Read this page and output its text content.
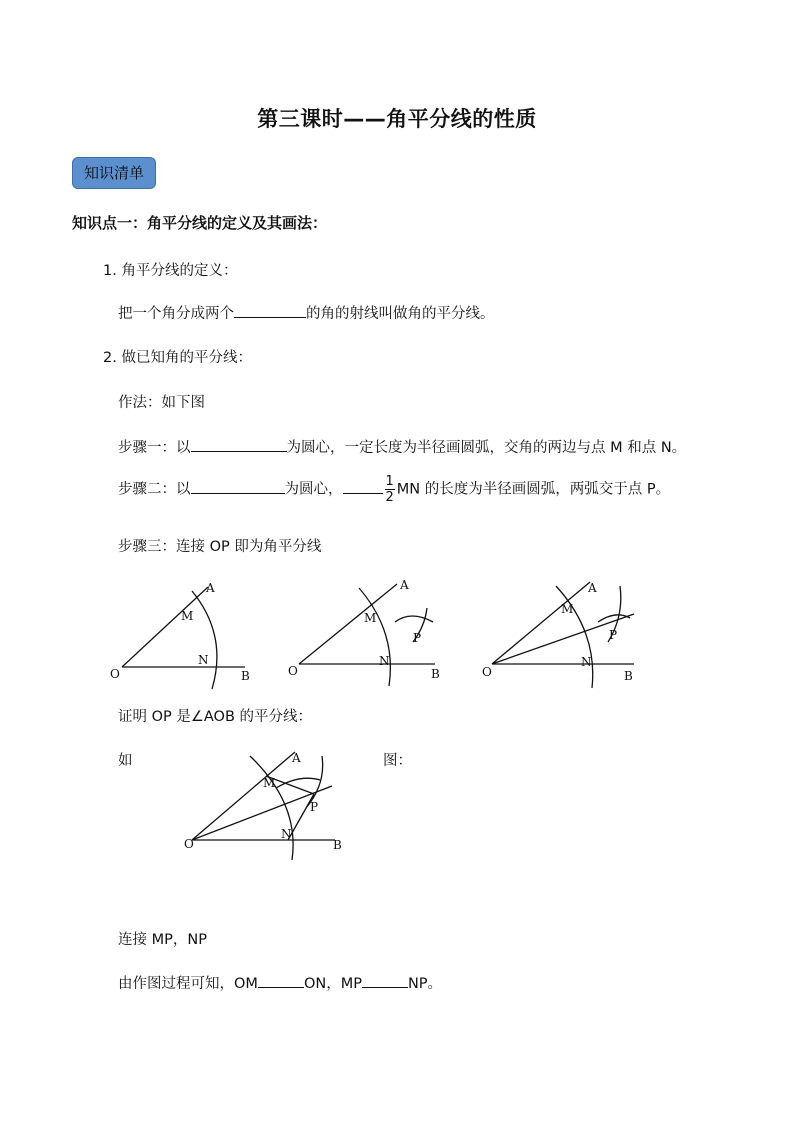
第三课时——角平分线的性质
知识清单
知识点一：角平分线的定义及其画法：
1. 角平分线的定义：
把一个角分成两个	的角的射线叫做角的平分线。
2. 做已知角的平分线：
作法：如下图
步骤一：以	为圆心，一定长度为半径画圆弧，交角的两边与点 M 和点 N。
步骤二：以	为圆心，	$\frac{1}{2}$ MN 的长度为半径画圆弧，两弧交于点 P。
步骤三：连接 OP 即为角平分线
O
A
B
M
N
O
A
B
M
N
P
O
A
B
M
N
P
证明 OP 是∠AOB 的平分线：
如	图：
O
A
B
M
N
P
连接 MP，NP
由作图过程可知，OM	ON，MP	NP。
